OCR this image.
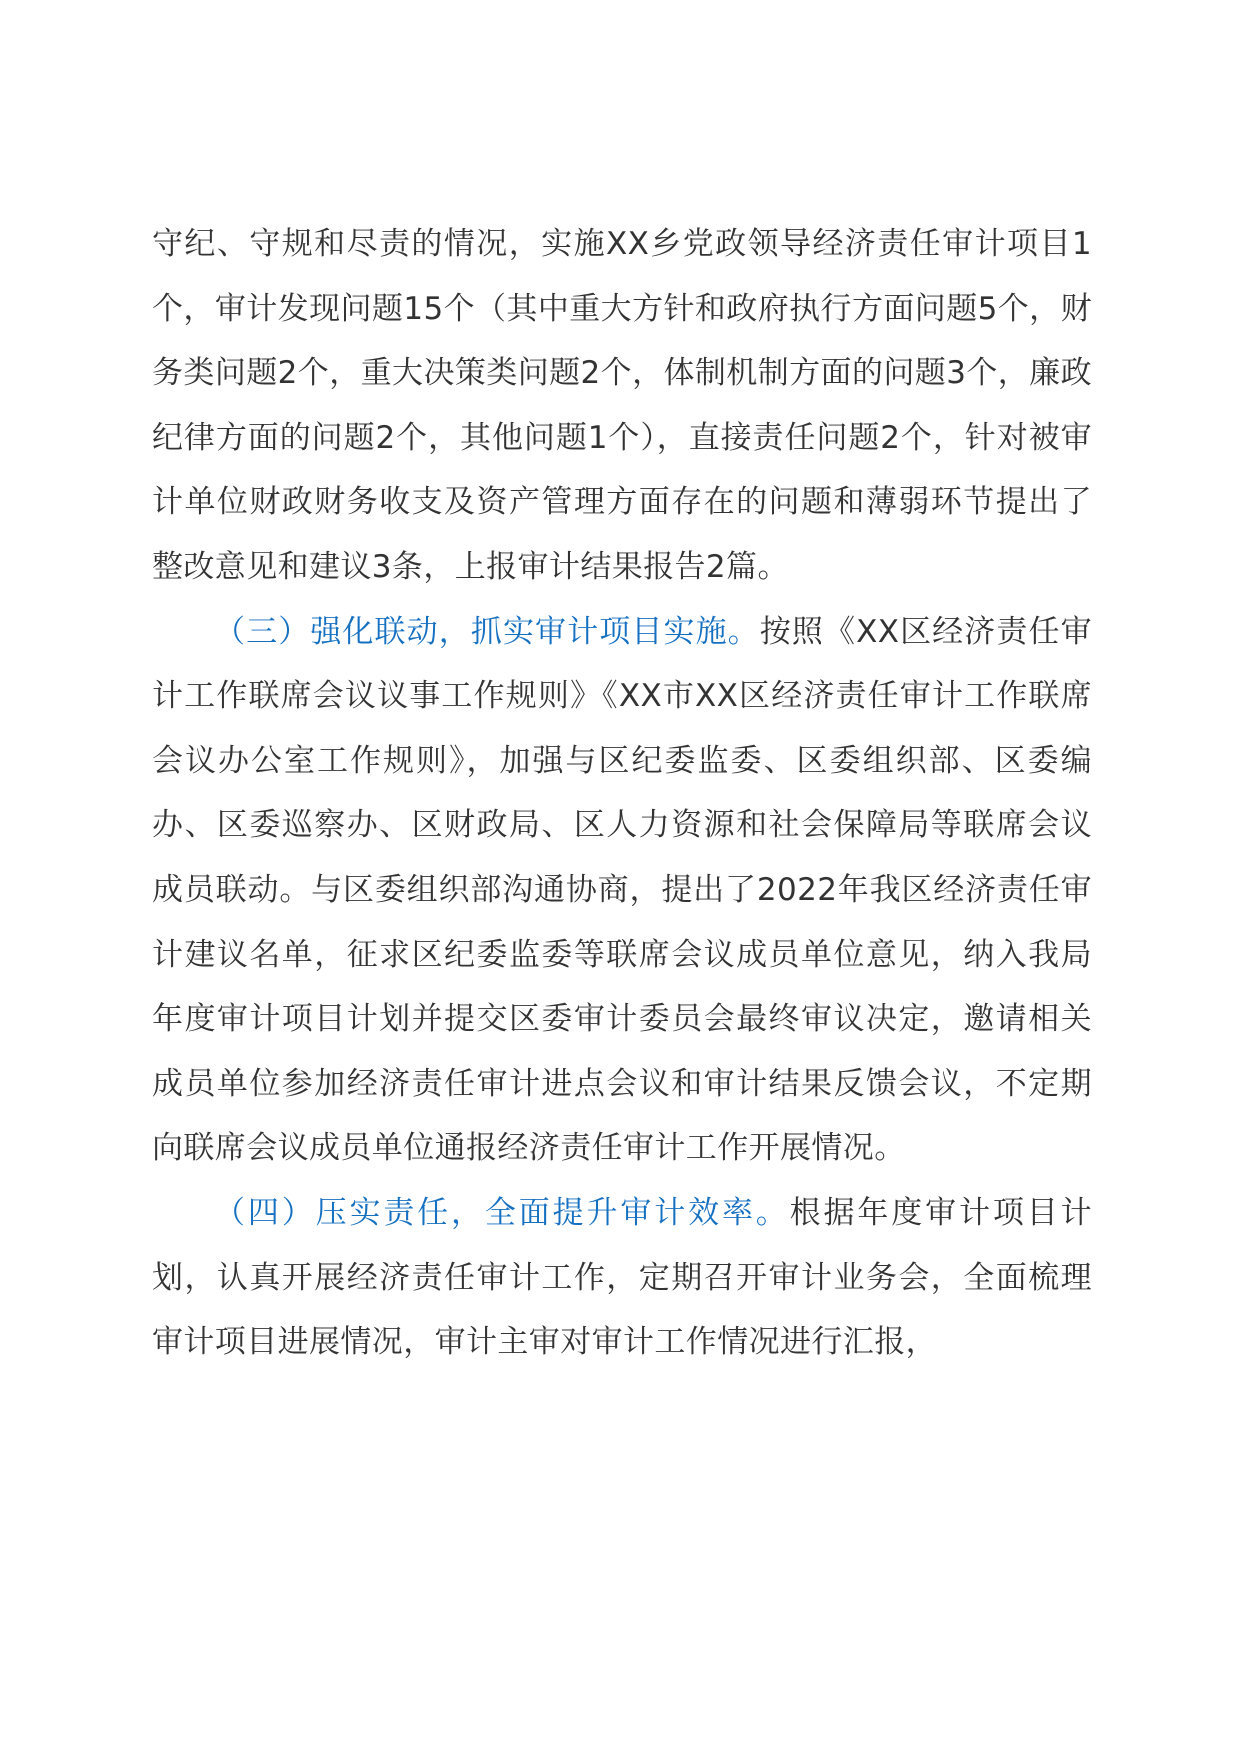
守纪、守规和尽责的情况，实施XX乡党政领导经济责任审计项目1个，审计发现问题15个（其中重大方针和政府执行方面问题5个，财务类问题2个，重大决策类问题2个，体制机制方面的问题3个，廉政纪律方面的问题2个，其他问题1个），直接责任问题2个，针对被审计单位财政财务收支及资产管理方面存在的问题和薄弱环节提出了整改意见和建议3条，上报审计结果报告2篇。

（三）强化联动，抓实审计项目实施。按照《XX区经济责任审计工作联席会议议事工作规则》《XX市XX区经济责任审计工作联席会议办公室工作规则》，加强与区纪委监委、区委组织部、区委编办、区委巡察办、区财政局、区人力资源和社会保障局等联席会议成员联动。与区委组织部沟通协商，提出了2022年我区经济责任审计建议名单，征求区纪委监委等联席会议成员单位意见，纳入我局年度审计项目计划并提交区委审计委员会最终审议决定，邀请相关成员单位参加经济责任审计进点会议和审计结果反馈会议，不定期向联席会议成员单位通报经济责任审计工作开展情况。

（四）压实责任，全面提升审计效率。根据年度审计项目计划，认真开展经济责任审计工作，定期召开审计业务会，全面梳理审计项目进展情况，审计主审对审计工作情况进行汇报，
